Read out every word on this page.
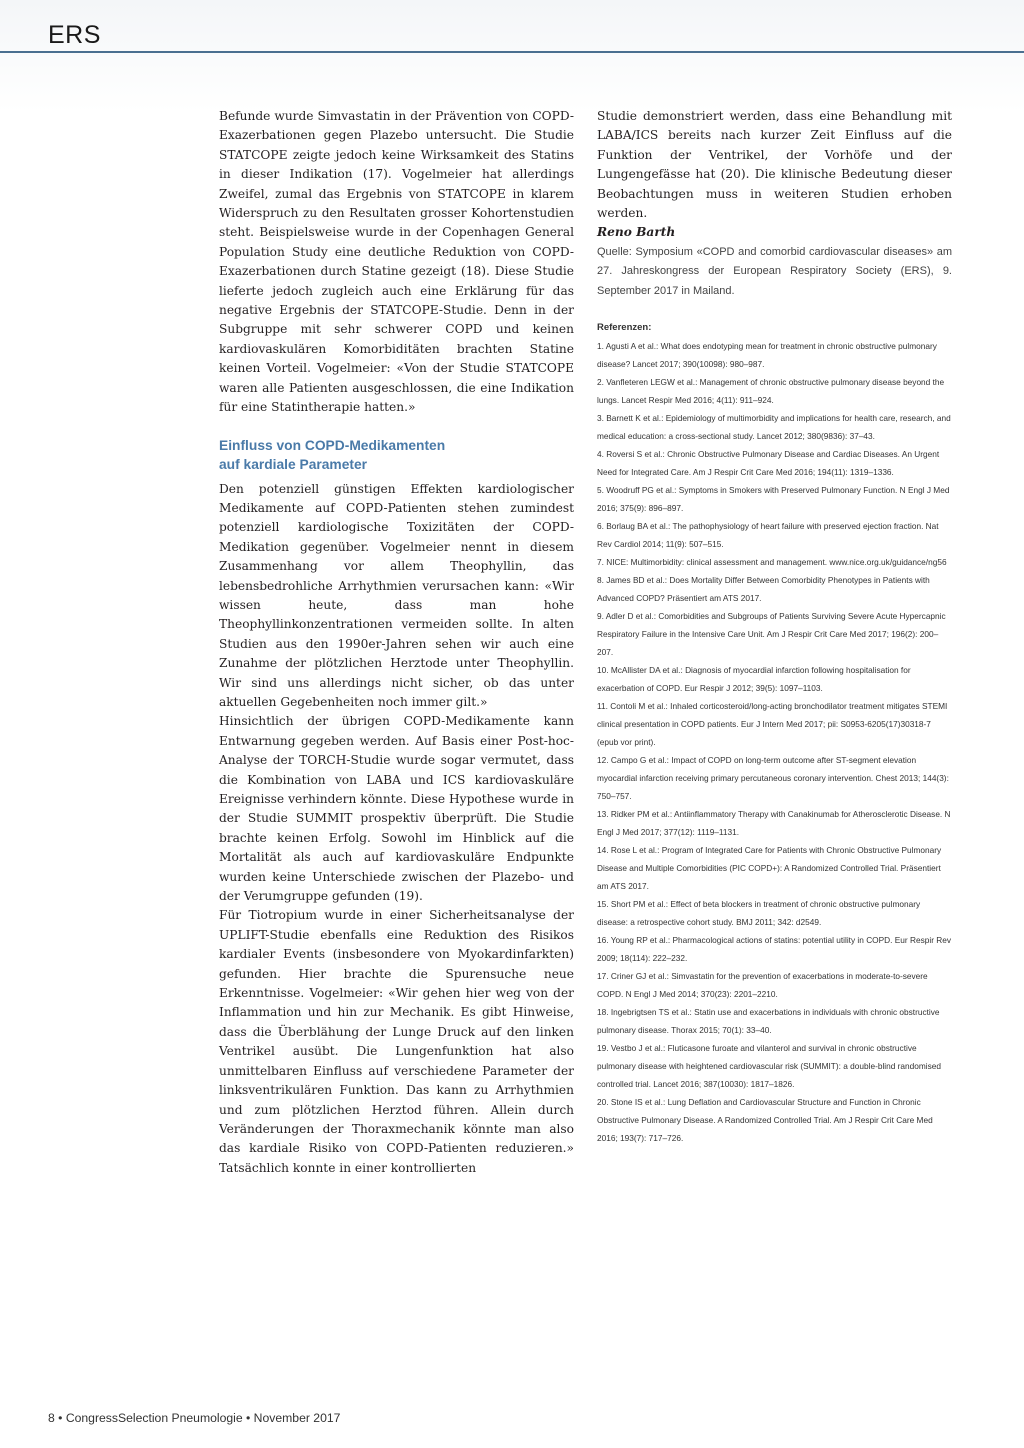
ERS

Befunde wurde Simvastatin in der Prävention von COPD-Exazerbationen gegen Plazebo untersucht. Die Studie STATCOPE zeigte jedoch keine Wirksamkeit des Statins in dieser Indikation (17). Vogelmeier hat allerdings Zweifel, zumal das Ergebnis von STATCOPE in klarem Widerspruch zu den Resultaten grosser Kohortenstudien steht. Beispielsweise wurde in der Copenhagen General Population Study eine deutliche Reduktion von COPD-Exazerbationen durch Statine gezeigt (18). Diese Studie lieferte jedoch zugleich auch eine Erklärung für das negative Ergebnis der STATCOPE-Studie. Denn in der Subgruppe mit sehr schwerer COPD und keinen kardiovaskulären Komorbiditäten brachten Statine keinen Vorteil. Vogelmeier: «Von der Studie STATCOPE waren alle Patienten ausgeschlossen, die eine Indikation für eine Statintherapie hatten.»

Einfluss von COPD-Medikamenten
auf kardiale Parameter

Den potenziell günstigen Effekten kardiologischer Medikamente auf COPD-Patienten stehen zumindest potenziell kardiologische Toxizitäten der COPD-Medikation gegenüber. Vogelmeier nennt in diesem Zusammenhang vor allem Theophyllin, das lebensbedrohliche Arrhythmien verursachen kann: «Wir wissen heute, dass man hohe Theophyllinkonzentrationen vermeiden sollte. In alten Studien aus den 1990er-Jahren sehen wir auch eine Zunahme der plötzlichen Herztode unter Theophyllin. Wir sind uns allerdings nicht sicher, ob das unter aktuellen Gegebenheiten noch immer gilt.»

Hinsichtlich der übrigen COPD-Medikamente kann Entwarnung gegeben werden. Auf Basis einer Post-hoc-Analyse der TORCH-Studie wurde sogar vermutet, dass die Kombination von LABA und ICS kardiovaskuläre Ereignisse verhindern könnte. Diese Hypothese wurde in der Studie SUMMIT prospektiv überprüft. Die Studie brachte keinen Erfolg. Sowohl im Hinblick auf die Mortalität als auch auf kardiovaskuläre Endpunkte wurden keine Unterschiede zwischen der Plazebo- und der Verumgruppe gefunden (19).

Für Tiotropium wurde in einer Sicherheitsanalyse der UPLIFT-Studie ebenfalls eine Reduktion des Risikos kardialer Events (insbesondere von Myokardinfarkten) gefunden. Hier brachte die Spurensuche neue Erkenntnisse. Vogelmeier: «Wir gehen hier weg von der Inflammation und hin zur Mechanik. Es gibt Hinweise, dass die Überblähung der Lunge Druck auf den linken Ventrikel ausübt. Die Lungenfunktion hat also unmittelbaren Einfluss auf verschiedene Parameter der linksventrikulären Funktion. Das kann zu Arrhythmien und zum plötzlichen Herztod führen. Allein durch Veränderungen der Thoraxmechanik könnte man also das kardiale Risiko von COPD-Patienten reduzieren.» Tatsächlich konnte in einer kontrollierten

Studie demonstriert werden, dass eine Behandlung mit LABA/ICS bereits nach kurzer Zeit Einfluss auf die Funktion der Ventrikel, der Vorhöfe und der Lungengefässe hat (20). Die klinische Bedeutung dieser Beobachtungen muss in weiteren Studien erhoben werden.

Reno Barth

Quelle: Symposium «COPD and comorbid cardiovascular diseases» am 27. Jahreskongress der European Respiratory Society (ERS), 9. September 2017 in Mailand.

Referenzen:
1. Agusti A et al.: What does endotyping mean for treatment in chronic obstructive pulmonary disease? Lancet 2017; 390(10098): 980–987.
2. Vanfleteren LEGW et al.: Management of chronic obstructive pulmonary disease beyond the lungs. Lancet Respir Med 2016; 4(11): 911–924.
3. Barnett K et al.: Epidemiology of multimorbidity and implications for health care, research, and medical education: a cross-sectional study. Lancet 2012; 380(9836): 37–43.
4. Roversi S et al.: Chronic Obstructive Pulmonary Disease and Cardiac Diseases. An Urgent Need for Integrated Care. Am J Respir Crit Care Med 2016; 194(11): 1319–1336.
5. Woodruff PG et al.: Symptoms in Smokers with Preserved Pulmonary Function. N Engl J Med 2016; 375(9): 896–897.
6. Borlaug BA et al.: The pathophysiology of heart failure with preserved ejection fraction. Nat Rev Cardiol 2014; 11(9): 507–515.
7. NICE: Multimorbidity: clinical assessment and management. www.nice.org.uk/guidance/ng56
8. James BD et al.: Does Mortality Differ Between Comorbidity Phenotypes in Patients with Advanced COPD? Präsentiert am ATS 2017.
9. Adler D et al.: Comorbidities and Subgroups of Patients Surviving Severe Acute Hypercapnic Respiratory Failure in the Intensive Care Unit. Am J Respir Crit Care Med 2017; 196(2): 200–207.
10. McAllister DA et al.: Diagnosis of myocardial infarction following hospitalisation for exacerbation of COPD. Eur Respir J 2012; 39(5): 1097–1103.
11. Contoli M et al.: Inhaled corticosteroid/long-acting bronchodilator treatment mitigates STEMI clinical presentation in COPD patients. Eur J Intern Med 2017; pii: S0953-6205(17)30318-7 (epub vor print).
12. Campo G et al.: Impact of COPD on long-term outcome after ST-segment elevation myocardial infarction receiving primary percutaneous coronary intervention. Chest 2013; 144(3): 750–757.
13. Ridker PM et al.: Antiinflammatory Therapy with Canakinumab for Atherosclerotic Disease. N Engl J Med 2017; 377(12): 1119–1131.
14. Rose L et al.: Program of Integrated Care for Patients with Chronic Obstructive Pulmonary Disease and Multiple Comorbidities (PIC COPD+): A Randomized Controlled Trial. Präsentiert am ATS 2017.
15. Short PM et al.: Effect of beta blockers in treatment of chronic obstructive pulmonary disease: a retrospective cohort study. BMJ 2011; 342: d2549.
16. Young RP et al.: Pharmacological actions of statins: potential utility in COPD. Eur Respir Rev 2009; 18(114): 222–232.
17. Criner GJ et al.: Simvastatin for the prevention of exacerbations in moderate-to-severe COPD. N Engl J Med 2014; 370(23): 2201–2210.
18. Ingebrigtsen TS et al.: Statin use and exacerbations in individuals with chronic obstructive pulmonary disease. Thorax 2015; 70(1): 33–40.
19. Vestbo J et al.: Fluticasone furoate and vilanterol and survival in chronic obstructive pulmonary disease with heightened cardiovascular risk (SUMMIT): a double-blind randomised controlled trial. Lancet 2016; 387(10030): 1817–1826.
20. Stone IS et al.: Lung Deflation and Cardiovascular Structure and Function in Chronic Obstructive Pulmonary Disease. A Randomized Controlled Trial. Am J Respir Crit Care Med 2016; 193(7): 717–726.
8 • CongressSelection Pneumologie • November 2017
